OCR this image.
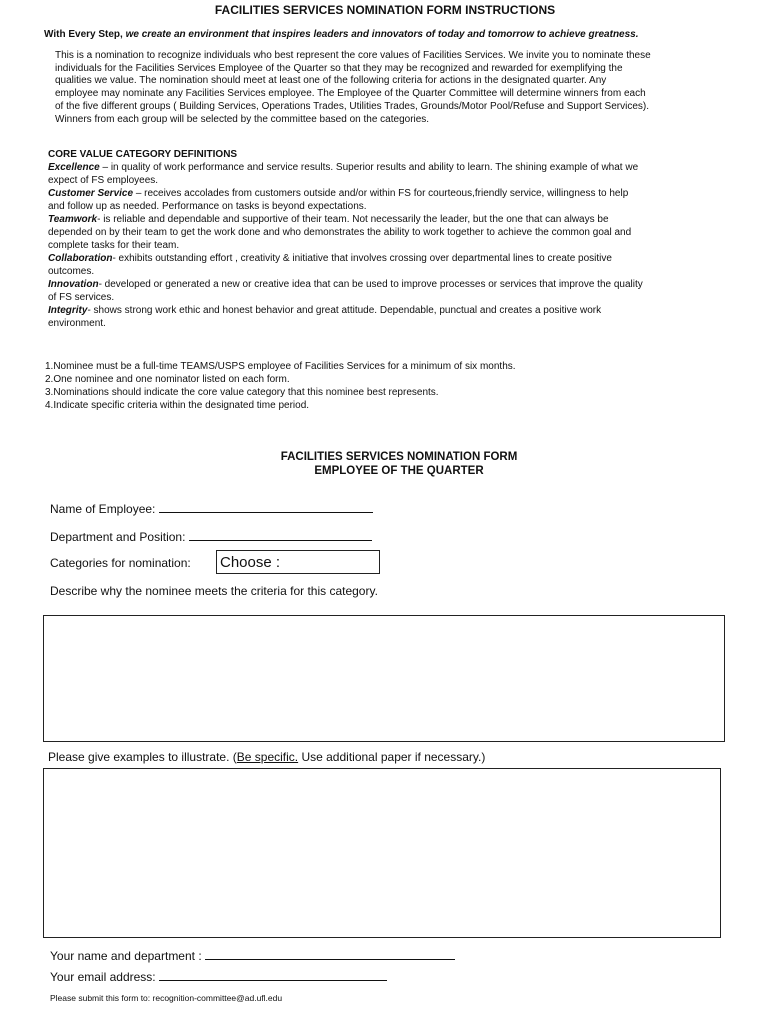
FACILITIES SERVICES NOMINATION FORM INSTRUCTIONS
With Every Step, we create an environment that inspires leaders and innovators of today and tomorrow to achieve greatness.
This is a nomination to recognize individuals who best represent the core values of Facilities Services. We invite you to nominate these
individuals for the Facilities Services Employee of the Quarter so that they may be recognized and rewarded for exemplifying the
qualities we value. The nomination should meet at least one of the following criteria for actions in the designated quarter. Any
employee may nominate any Facilities Services employee. The Employee of the Quarter Committee will determine winners from each
of the five different groups ( Building Services, Operations Trades, Utilities Trades, Grounds/Motor Pool/Refuse and Support Services).
Winners from each group will be selected by the committee based on the categories.
CORE VALUE CATEGORY DEFINITIONS
Excellence – in quality of work performance and service results. Superior results and ability to learn. The shining example of what we
expect of FS employees.
Customer Service – receives accolades from customers outside and/or within FS for courteous,friendly service, willingness to help
and follow up as needed. Performance on tasks is beyond expectations.
Teamwork- is reliable and dependable and supportive of their team. Not necessarily the leader, but the one that can always be
depended on by their team to get the work done and who demonstrates the ability to work together to achieve the common goal and
complete tasks for their team.
Collaboration- exhibits outstanding effort , creativity & initiative that involves crossing over departmental lines to create positive
outcomes.
Innovation- developed or generated a new or creative idea that can be used to improve processes or services that improve the quality
of FS services.
Integrity- shows strong work ethic and honest behavior and great attitude. Dependable, punctual and creates a positive work
environment.
1.Nominee must be a full-time TEAMS/USPS employee of Facilities Services for a minimum of six months.
2.One nominee and one nominator listed on each form.
3.Nominations should indicate the core value category that this nominee best represents.
4.Indicate specific criteria within the designated time period.
FACILITIES SERVICES NOMINATION FORM
EMPLOYEE OF THE QUARTER
Name of Employee:
Department and Position:
Categories for nomination: Choose :
Describe why the nominee meets the criteria for this category.
Please give examples to illustrate. (Be specific. Use additional paper if necessary.)
Your name and department :
Your email address:
Please submit this form to: recognition-committee@ad.ufl.edu
